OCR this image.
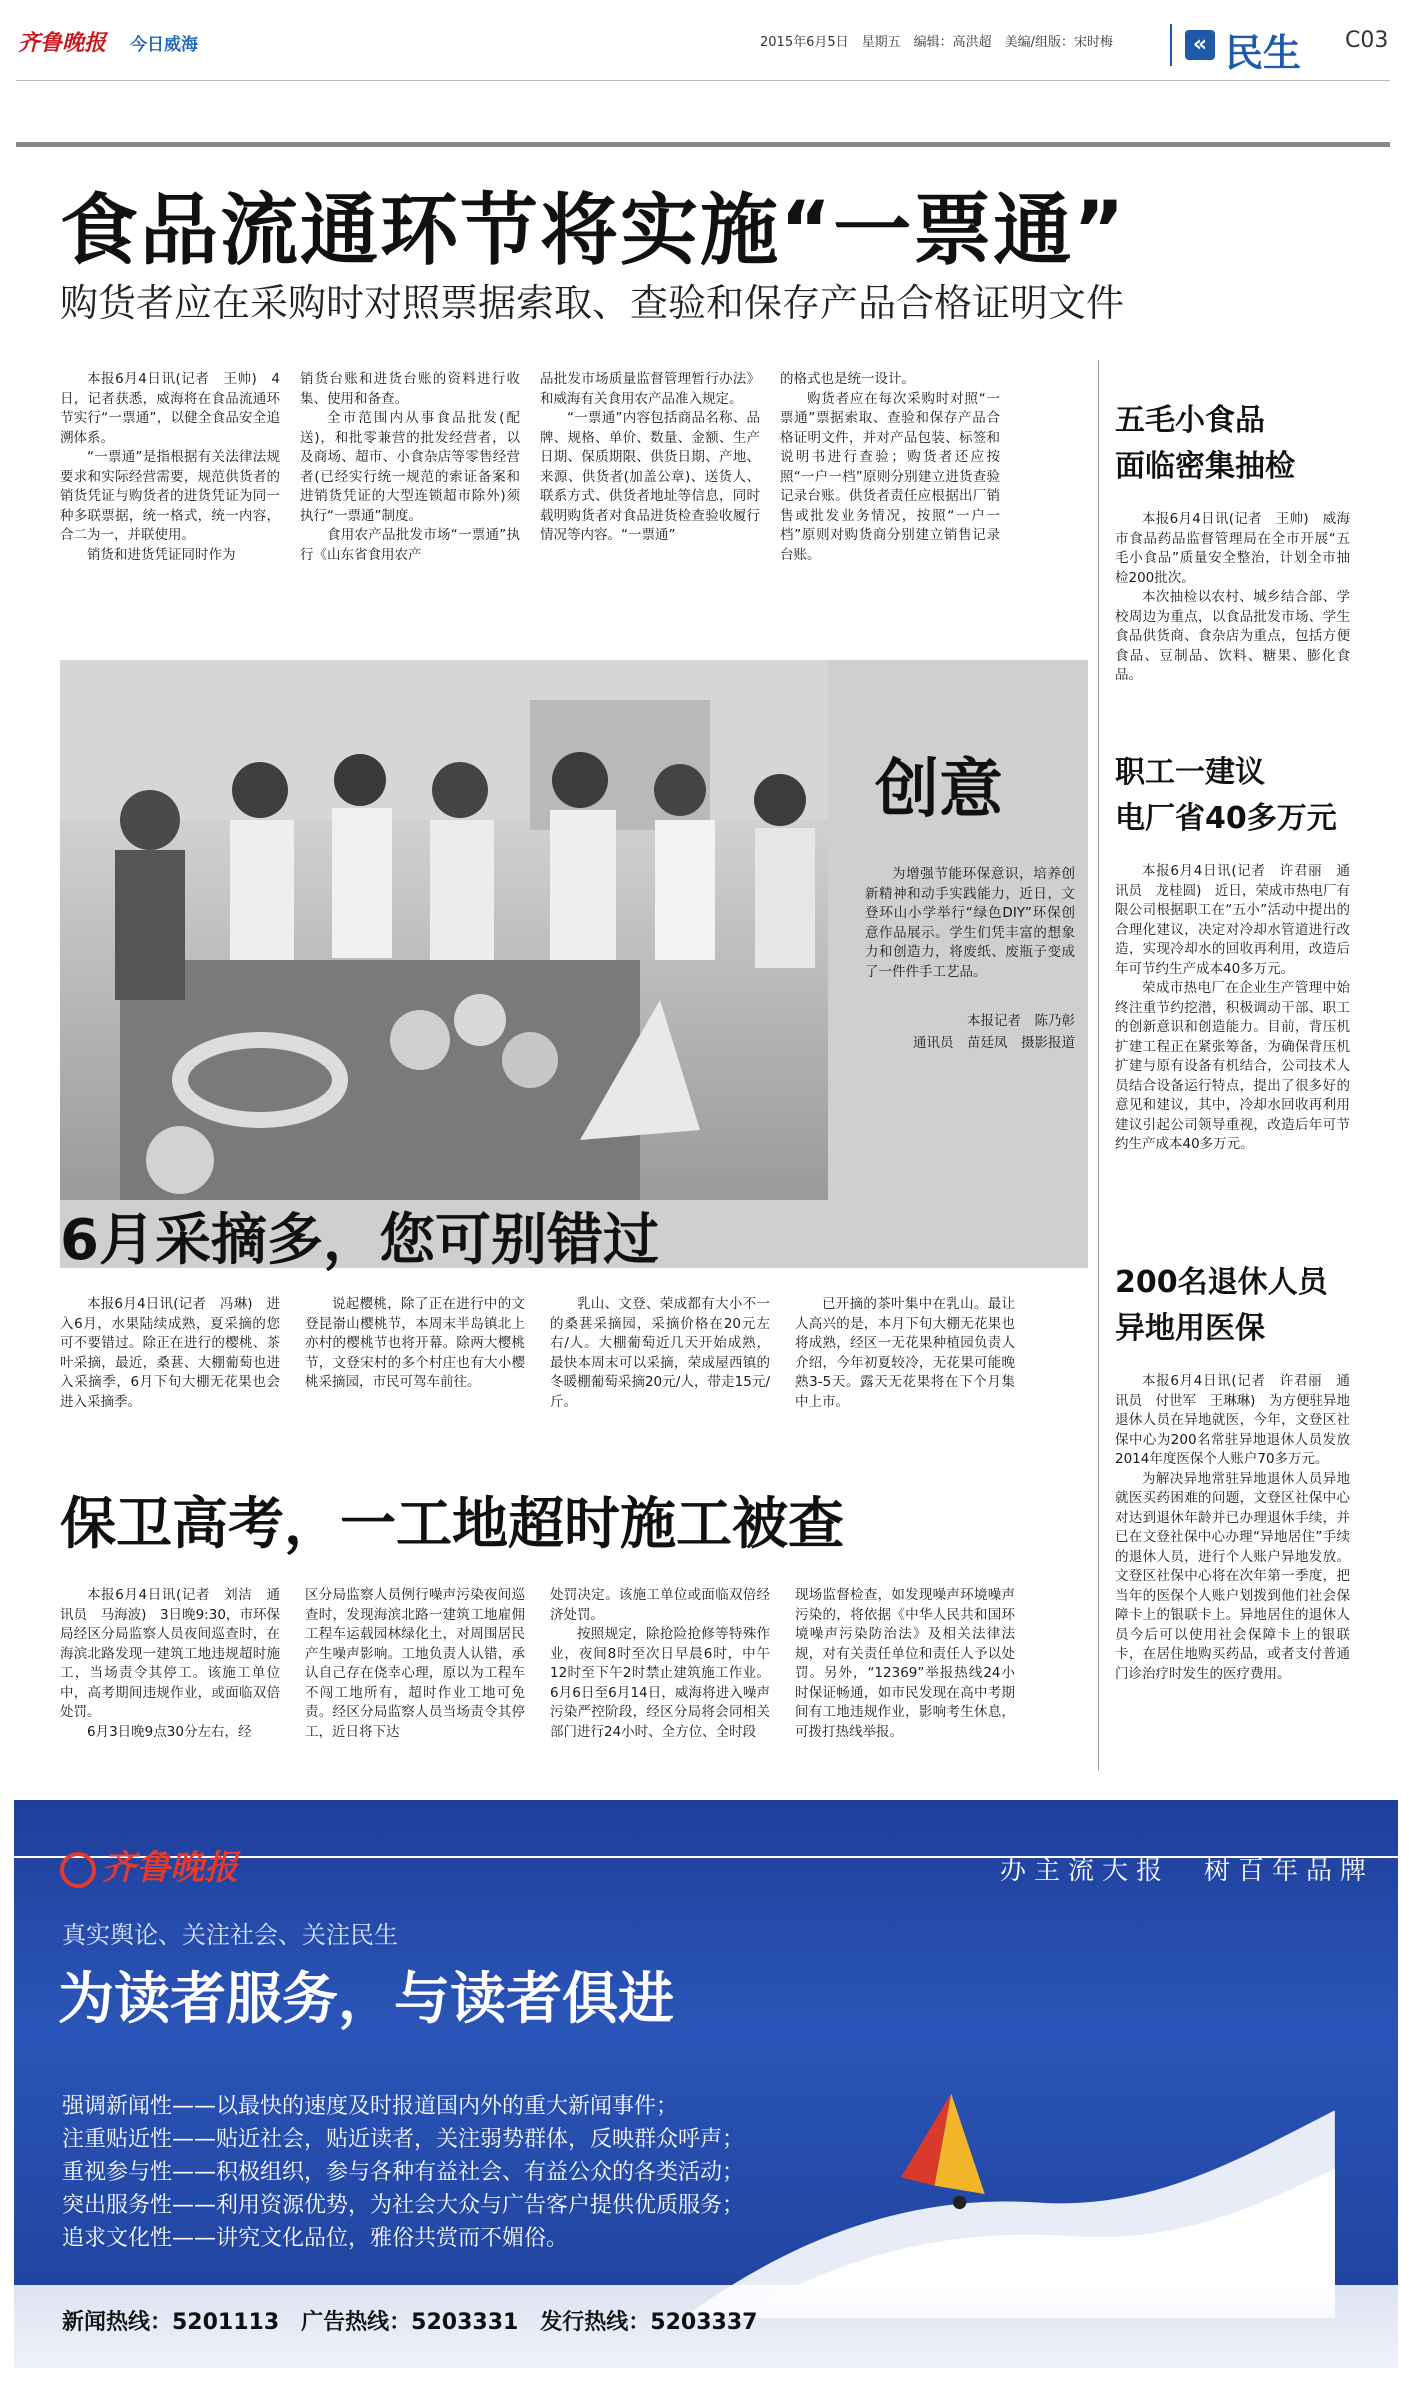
齐鲁晚报 今日威海	2015年6月5日　星期五　编辑：高洪超　美编/组版：宋时梅	« 民生 C03
食品流通环节将实施“一票通”
购货者应在采购时对照票据索取、查验和保存产品合格证明文件

本报6月4日讯(记者　王帅)　4日，记者获悉，威海将在食品流通环节实行“一票通”，以健全食品安全追溯体系。

“一票通”是指根据有关法律法规要求和实际经营需要，规范供货者的销货凭证与购货者的进货凭证为同一种多联票据，统一格式，统一内容，合二为一，并联使用。

销货和进货凭证同时作为

销货台账和进货台账的资料进行收集、使用和备查。

全市范围内从事食品批发(配送)，和批零兼营的批发经营者，以及商场、超市、小食杂店等零售经营者(已经实行统一规范的索证备案和进销货凭证的大型连锁超市除外)须执行“一票通”制度。

食用农产品批发市场“一票通”执行《山东省食用农产

品批发市场质量监督管理暂行办法》和威海有关食用农产品准入规定。

“一票通”内容包括商品名称、品牌、规格、单价、数量、金额、生产日期、保质期限、供货日期、产地、来源、供货者(加盖公章)、送货人、联系方式、供货者地址等信息，同时载明购货者对食品进货检查验收履行情况等内容。“一票通”

的格式也是统一设计。

购货者应在每次采购时对照“一票通”票据索取、查验和保存产品合格证明文件，并对产品包装、标签和说明书进行查验；购货者还应按照“一户一档”原则分别建立进货查验记录台账。供货者责任应根据出厂销售或批发业务情况，按照“一户一档”原则对购货商分别建立销售记录台账。

五毛小食品
面临密集抽检

本报6月4日讯(记者　王帅)　威海市食品药品监督管理局在全市开展“五毛小食品”质量安全整治，计划全市抽检200批次。

本次抽检以农村、城乡结合部、学校周边为重点，以食品批发市场、学生食品供货商、食杂店为重点，包括方便食品、豆制品、饮料、糖果、膨化食品。

职工一建议
电厂省40多万元

本报6月4日讯(记者　许君丽　通讯员　龙桂圆)　近日，荣成市热电厂有限公司根据职工在“五小”活动中提出的合理化建议，决定对冷却水管道进行改造，实现冷却水的回收再利用，改造后年可节约生产成本40多万元。

荣成市热电厂在企业生产管理中始终注重节约挖潜，积极调动干部、职工的创新意识和创造能力。目前，背压机扩建工程正在紧张筹备，为确保背压机扩建与原有设备有机结合，公司技术人员结合设备运行特点，提出了很多好的意见和建议，其中，冷却水回收再利用建议引起公司领导重视，改造后年可节约生产成本40多万元。

200名退休人员
异地用医保

本报6月4日讯(记者　许君丽　通讯员　付世军　王琳琳)　为方便驻异地退休人员在异地就医，今年，文登区社保中心为200名常驻异地退休人员发放2014年度医保个人账户70多万元。

为解决异地常驻异地退休人员异地就医买药困难的问题，文登区社保中心对达到退休年龄并已办理退休手续，并已在文登社保中心办理“异地居住”手续的退休人员，进行个人账户异地发放。文登区社保中心将在次年第一季度，把当年的医保个人账户划拨到他们社会保障卡上的银联卡上。异地居住的退休人员今后可以使用社会保障卡上的银联卡，在居住地购买药品，或者支付普通门诊治疗时发生的医疗费用。

创意

为增强节能环保意识，培养创新精神和动手实践能力，近日，文登环山小学举行“绿色DIY”环保创意作品展示。学生们凭丰富的想象力和创造力，将废纸、废瓶子变成了一件件手工艺品。

本报记者　陈乃彰
通讯员　苗廷凤　摄影报道
6月采摘多，您可别错过

本报6月4日讯(记者　冯琳)　进入6月，水果陆续成熟，夏采摘的您可不要错过。除正在进行的樱桃、茶叶采摘，最近，桑葚、大棚葡萄也进入采摘季，6月下旬大棚无花果也会进入采摘季。

说起樱桃，除了正在进行中的文登昆嵛山樱桃节，本周末半岛镇北上亦村的樱桃节也将开幕。除两大樱桃节，文登宋村的多个村庄也有大小樱桃采摘园，市民可驾车前往。

乳山、文登、荣成都有大小不一的桑葚采摘园，采摘价格在20元左右/人。大棚葡萄近几天开始成熟，最快本周末可以采摘，荣成屋西镇的冬暖棚葡萄采摘20元/人，带走15元/斤。

已开摘的茶叶集中在乳山。最让人高兴的是，本月下旬大棚无花果也将成熟，经区一无花果种植园负责人介绍，今年初夏较冷，无花果可能晚熟3-5天。露天无花果将在下个月集中上市。

保卫高考，一工地超时施工被查

本报6月4日讯(记者　刘洁　通讯员　马海波)　3日晚9:30，市环保局经区分局监察人员夜间巡查时，在海滨北路发现一建筑工地违规超时施工，当场责令其停工。该施工单位中，高考期间违规作业，或面临双倍处罚。

6月3日晚9点30分左右，经

区分局监察人员例行噪声污染夜间巡查时，发现海滨北路一建筑工地雇佣工程车运载园林绿化土，对周围居民产生噪声影响。工地负责人认错，承认自己存在侥幸心理，原以为工程车不闯工地所有，超时作业工地可免责。经区分局监察人员当场责令其停工，近日将下达

处罚决定。该施工单位或面临双倍经济处罚。

按照规定，除抢险抢修等特殊作业，夜间8时至次日早晨6时，中午12时至下午2时禁止建筑施工作业。6月6日至6月14日，威海将进入噪声污染严控阶段，经区分局将会同相关部门进行24小时、全方位、全时段

现场监督检查，如发现噪声环境噪声污染的，将依据《中华人民共和国环境噪声污染防治法》及相关法律法规，对有关责任单位和责任人予以处罚。另外，“12369”举报热线24小时保证畅通，如市民发现在高中考期间有工地违规作业，影响考生休息，可拨打热线举报。

齐鲁晚报	办主流大报　树百年品牌
真实舆论、关注社会、关注民生
为读者服务，与读者俱进
强调新闻性——以最快的速度及时报道国内外的重大新闻事件；
注重贴近性——贴近社会，贴近读者，关注弱势群体，反映群众呼声；
重视参与性——积极组织，参与各种有益社会、有益公众的各类活动；
突出服务性——利用资源优势，为社会大众与广告客户提供优质服务；
追求文化性——讲究文化品位，雅俗共赏而不媚俗。
新闻热线：5201113　广告热线：5203331　发行热线：5203337
